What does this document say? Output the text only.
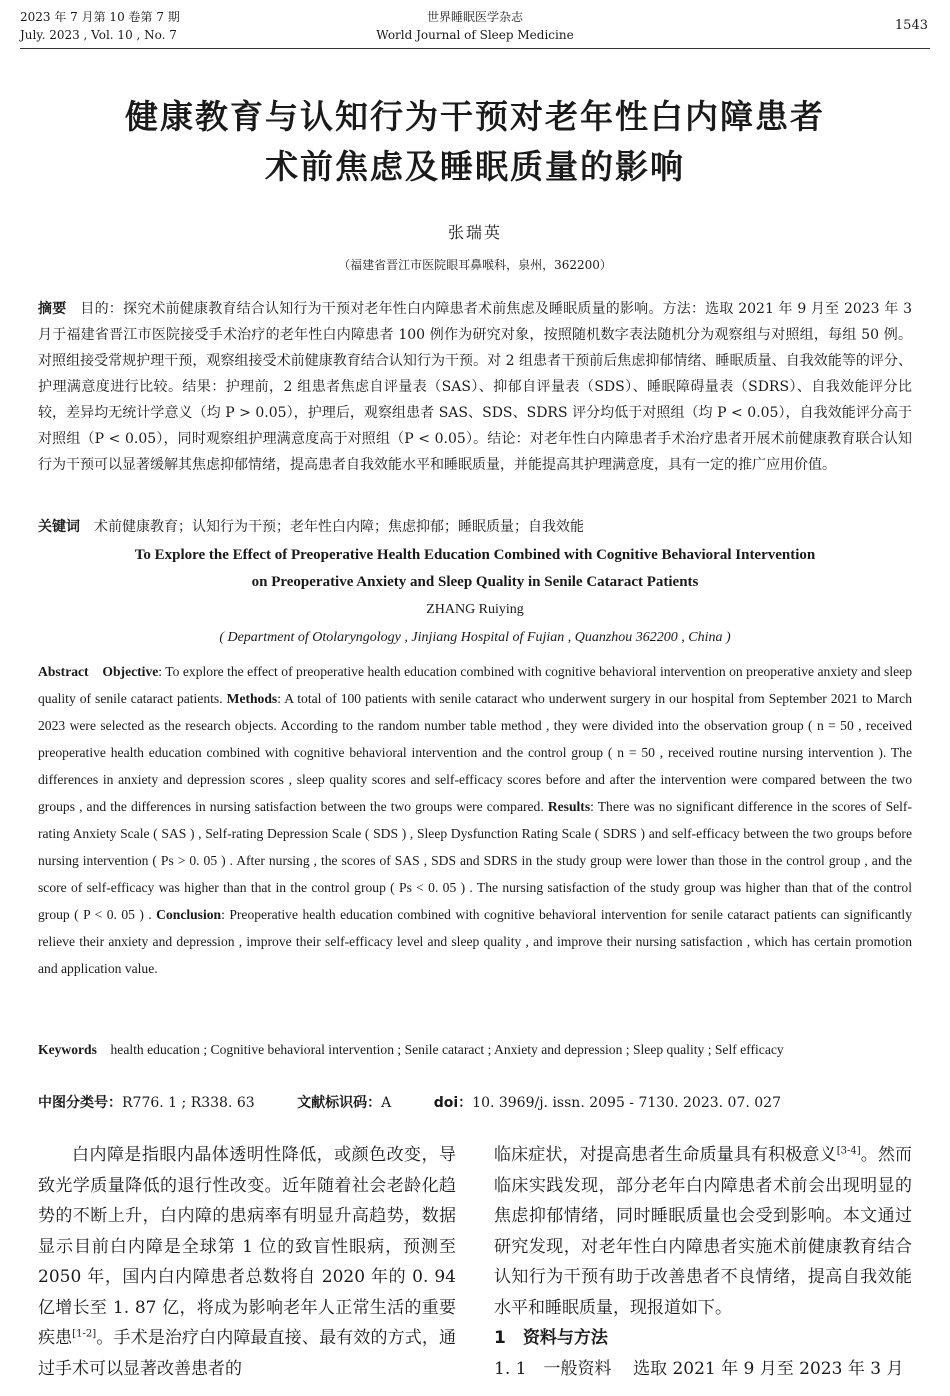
2023 年 7 月第 10 卷第 7 期
July. 2023 , Vol. 10 , No. 7
世界睡眠医学杂志
World Journal of Sleep Medicine
1543
健康教育与认知行为干预对老年性白内障患者
术前焦虑及睡眠质量的影响
张瑞英
（福建省晋江市医院眼耳鼻喉科，泉州，362200）
摘要 目的：探究术前健康教育结合认知行为干预对老年性白内障患者术前焦虑及睡眠质量的影响。方法：选取 2021 年 9 月至 2023 年 3 月于福建省晋江市医院接受手术治疗的老年性白内障患者 100 例作为研究对象，按照随机数字表法随机分为观察组与对照组，每组 50 例。对照组接受常规护理干预，观察组接受术前健康教育结合认知行为干预。对 2 组患者干预前后焦虑抑郁情绪、睡眠质量、自我效能等的评分、护理满意度进行比较。结果：护理前，2 组患者焦虑自评量表（SAS）、抑郁自评量表（SDS）、睡眠障碍量表（SDRS）、自我效能评分比较，差异均无统计学意义（均 P > 0.05），护理后，观察组患者 SAS、SDS、SDRS 评分均低于对照组（均 P < 0.05），自我效能评分高于对照组（P < 0.05），同时观察组护理满意度高于对照组（P < 0.05）。结论：对老年性白内障患者手术治疗患者开展术前健康教育联合认知行为干预可以显著缓解其焦虑抑郁情绪，提高患者自我效能水平和睡眠质量，并能提高其护理满意度，具有一定的推广应用价值。
关键词 术前健康教育；认知行为干预；老年性白内障；焦虑抑郁；睡眠质量；自我效能
To Explore the Effect of Preoperative Health Education Combined with Cognitive Behavioral Intervention
on Preoperative Anxiety and Sleep Quality in Senile Cataract Patients
ZHANG Ruiying
( Department of Otolaryngology , Jinjiang Hospital of Fujian , Quanzhou 362200 , China )
Abstract Objective: To explore the effect of preoperative health education combined with cognitive behavioral intervention on preoperative anxiety and sleep quality of senile cataract patients. Methods: A total of 100 patients with senile cataract who underwent surgery in our hospital from September 2021 to March 2023 were selected as the research objects. According to the random number table method , they were divided into the observation group ( n = 50 , received preoperative health education combined with cognitive behavioral intervention and the control group ( n = 50 , received routine nursing intervention ). The differences in anxiety and depression scores , sleep quality scores and self-efficacy scores before and after the intervention were compared between the two groups , and the differences in nursing satisfaction between the two groups were compared. Results: There was no significant difference in the scores of Self-rating Anxiety Scale ( SAS ) , Self-rating Depression Scale ( SDS ) , Sleep Dysfunction Rating Scale ( SDRS ) and self-efficacy between the two groups before nursing intervention ( Ps > 0. 05 ) . After nursing , the scores of SAS , SDS and SDRS in the study group were lower than those in the control group , and the score of self-efficacy was higher than that in the control group ( Ps < 0. 05 ) . The nursing satisfaction of the study group was higher than that of the control group ( P < 0. 05 ) . Conclusion: Preoperative health education combined with cognitive behavioral intervention for senile cataract patients can significantly relieve their anxiety and depression , improve their self-efficacy level and sleep quality , and improve their nursing satisfaction , which has certain promotion and application value.
Keywords health education ; Cognitive behavioral intervention ; Senile cataract ; Anxiety and depression ; Sleep quality ; Self efficacy
中图分类号：R776. 1 ; R338. 63	文献标识码：A	doi：10. 3969/j. issn. 2095 - 7130. 2023. 07. 027

白内障是指眼内晶体透明性降低，或颜色改变，导致光学质量降低的退行性改变。近年随着社会老龄化趋势的不断上升，白内障的患病率有明显升高趋势，数据显示目前白内障是全球第 1 位的致盲性眼病，预测至 2050 年，国内白内障患者总数将自 2020 年的 0. 94 亿增长至 1. 87 亿，将成为影响老年人正常生活的重要疾患[1-2]。手术是治疗白内障最直接、最有效的方式，通过手术可以显著改善患者的

临床症状，对提高患者生命质量具有积极意义[3-4]。然而临床实践发现，部分老年白内障患者术前会出现明显的焦虑抑郁情绪，同时睡眠质量也会受到影响。本文通过研究发现，对老年性白内障患者实施术前健康教育结合认知行为干预有助于改善患者不良情绪，提高自我效能水平和睡眠质量，现报道如下。

1　资料与方法

1. 1　一般资料 选取 2021 年 9 月至 2023 年 3 月
